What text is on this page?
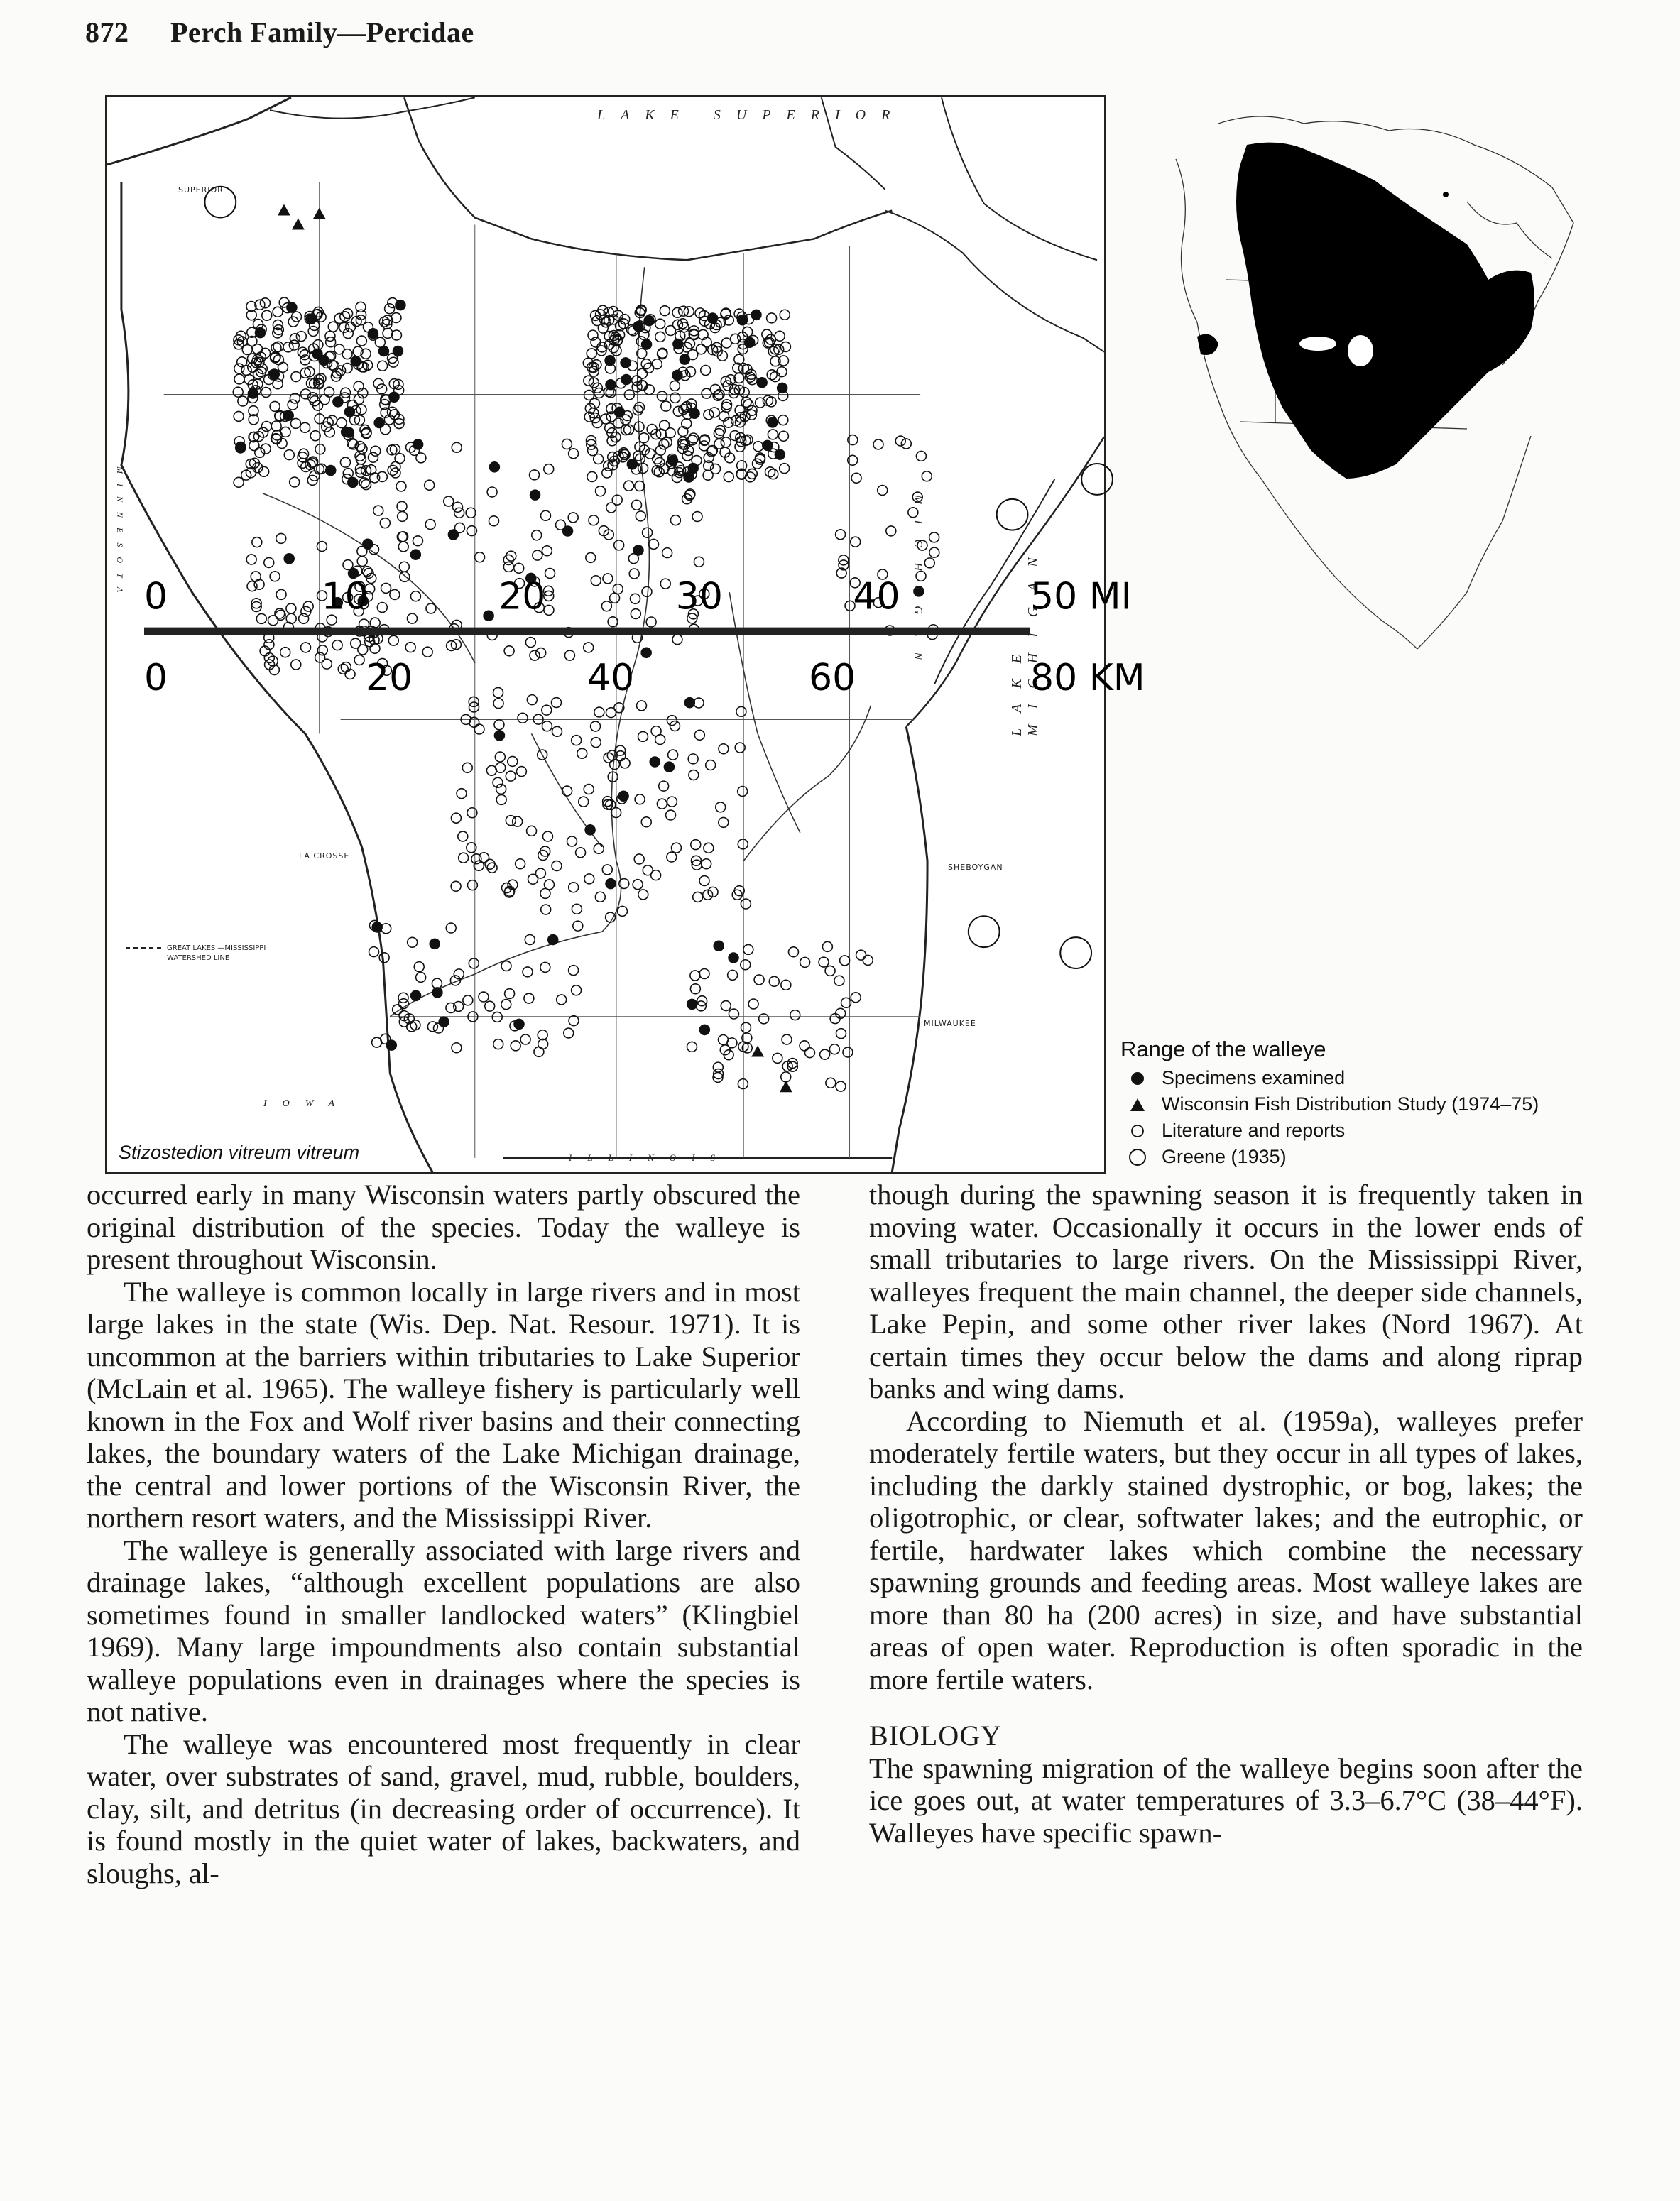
872 Perch Family—Percidae
LAKE SUPERIOR
MICHIGAN
LAKE MICHIGAN
IOWA
ILLINOIS
MINNESOTA
SUPERIOR
LA CROSSE
SHEBOYGAN
MILWAUKEE
GREAT LAKES —MISSISSIPPI
WATERSHED LINE
0	10	20	30	40	50 MI
0	20	40	60	80 KM
Stizostedion vitreum vitreum
Range of the walleye
Specimens examined
Wisconsin Fish Distribution Study (1974–75)
Literature and reports
Greene (1935)

occurred early in many Wisconsin waters partly obscured the original distribution of the species. Today the walleye is present throughout Wisconsin.

The walleye is common locally in large rivers and in most large lakes in the state (Wis. Dep. Nat. Resour. 1971). It is uncommon at the barriers within tributaries to Lake Superior (McLain et al. 1965). The walleye fishery is particularly well known in the Fox and Wolf river basins and their connecting lakes, the boundary waters of the Lake Michigan drainage, the central and lower portions of the Wisconsin River, the northern resort waters, and the Mississippi River.

The walleye is generally associated with large rivers and drainage lakes, “although excellent populations are also sometimes found in smaller landlocked waters” (Klingbiel 1969). Many large impoundments also contain substantial walleye populations even in drainages where the species is not native.

The walleye was encountered most frequently in clear water, over substrates of sand, gravel, mud, rubble, boulders, clay, silt, and detritus (in decreasing order of occurrence). It is found mostly in the quiet water of lakes, backwaters, and sloughs, al-

though during the spawning season it is frequently taken in moving water. Occasionally it occurs in the lower ends of small tributaries to large rivers. On the Mississippi River, walleyes frequent the main channel, the deeper side channels, Lake Pepin, and some other river lakes (Nord 1967). At certain times they occur below the dams and along riprap banks and wing dams.

According to Niemuth et al. (1959a), walleyes prefer moderately fertile waters, but they occur in all types of lakes, including the darkly stained dystrophic, or bog, lakes; the oligotrophic, or clear, softwater lakes; and the eutrophic, or fertile, hardwater lakes which combine the necessary spawning grounds and feeding areas. Most walleye lakes are more than 80 ha (200 acres) in size, and have substantial areas of open water. Reproduction is often sporadic in the more fertile waters.

BIOLOGY

The spawning migration of the walleye begins soon after the ice goes out, at water temperatures of 3.3–6.7°C (38–44°F). Walleyes have specific spawn-
